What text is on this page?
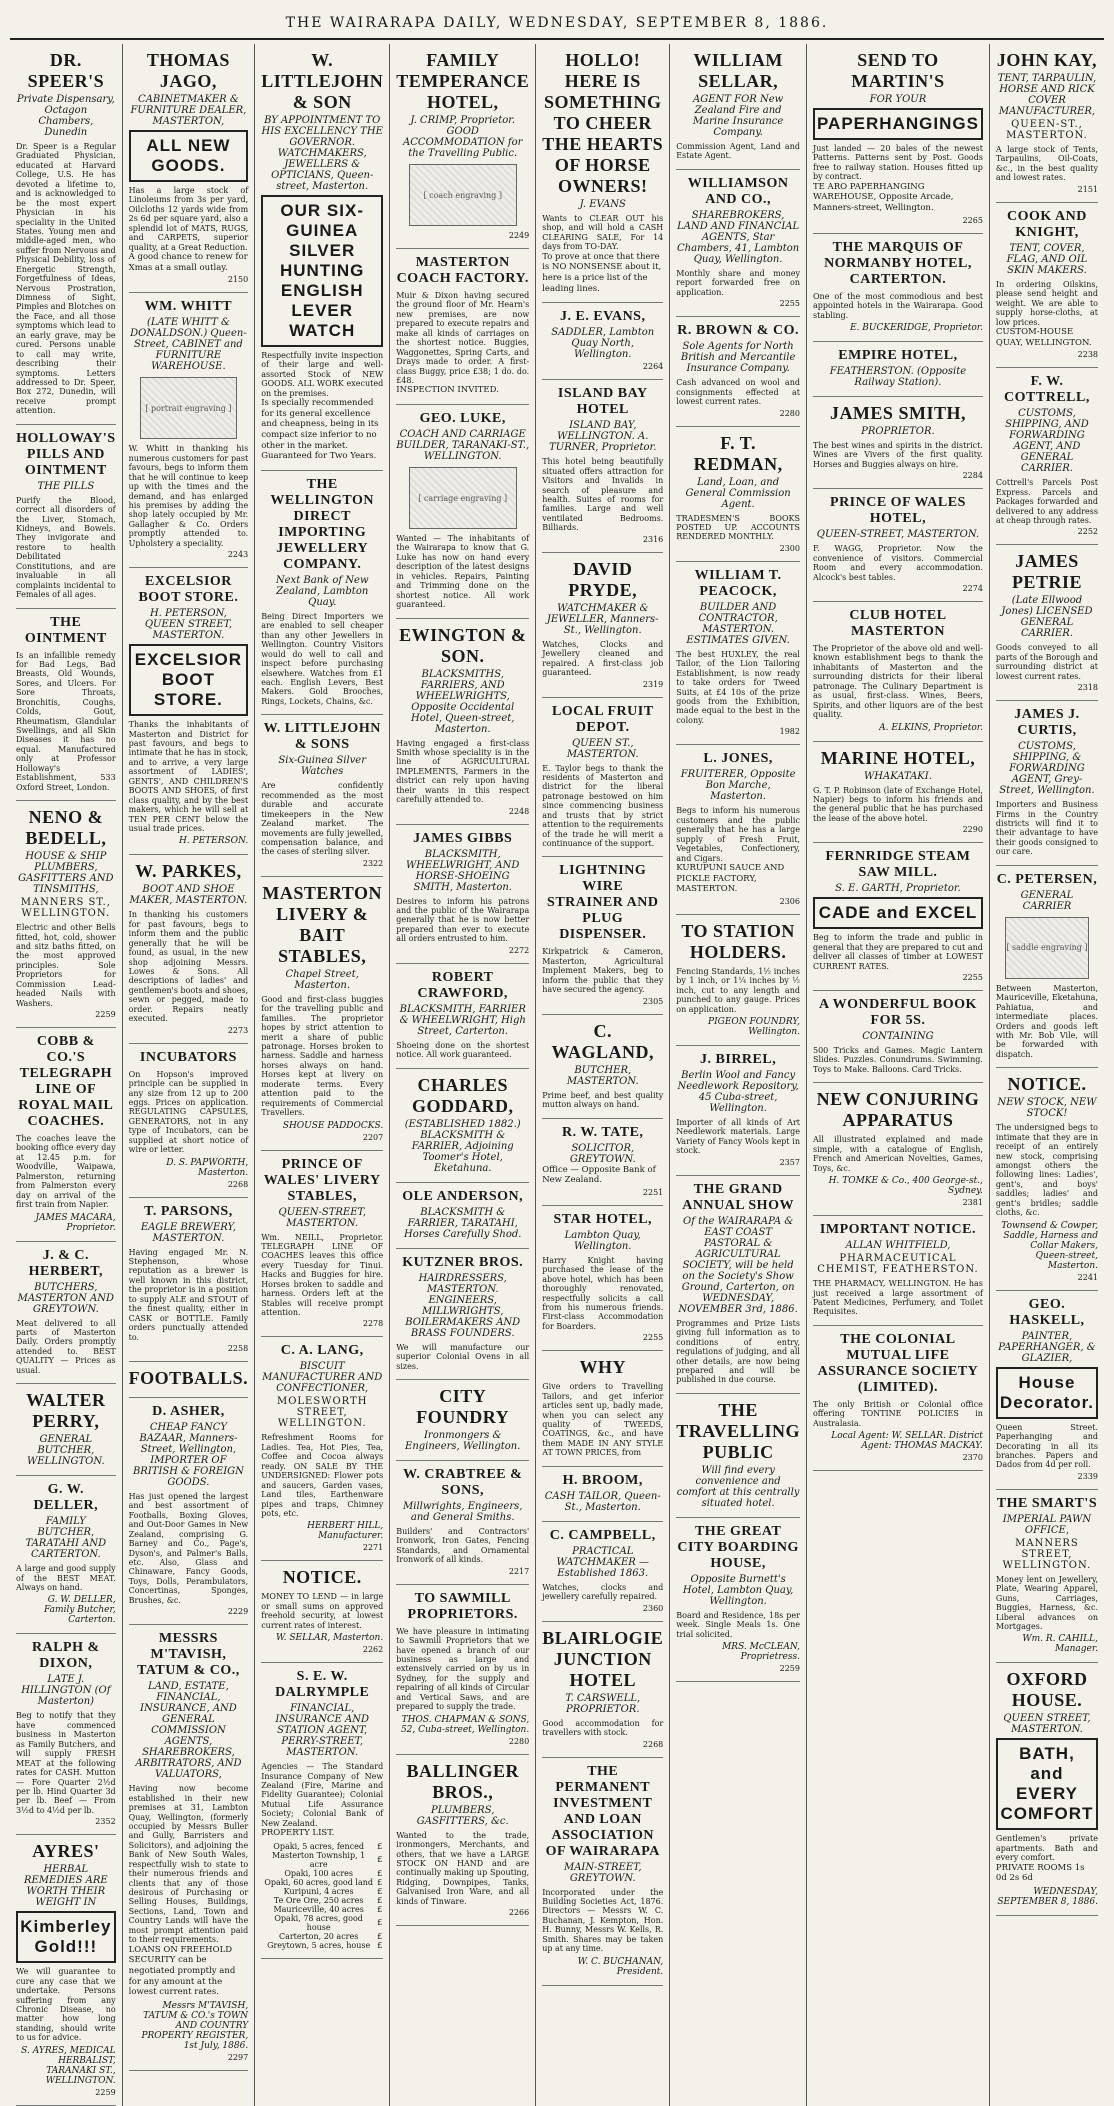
THE WAIRARAPA DAILY, WEDNESDAY, SEPTEMBER 8, 1886.
DR. SPEER'S
Private Dispensary, Octagon Chambers, Dunedin
Dr. Speer is a Regular Graduated Physician, educated at Harvard College, U.S. He has devoted a lifetime to, and is acknowledged to be the most expert Physician in his speciality in the United States. Young men and middle-aged men, who suffer from Nervous and Physical Debility, loss of Energetic Strength, Forgetfulness of Ideas, Nervous Prostration, Dimness of Sight, Pimples and Blotches on the Face, and all those symptoms which lead to an early grave, may be cured. Persons unable to call may write, describing their symptoms. Letters addressed to Dr. Speer, Box 272, Dunedin, will receive prompt attention.
HOLLOWAY'S PILLS AND OINTMENT
THE PILLS
Purify the Blood, correct all disorders of the Liver, Stomach, Kidneys, and Bowels. They invigorate and restore to health Debilitated Constitutions, and are invaluable in all complaints incidental to Females of all ages.
THE OINTMENT
Is an infallible remedy for Bad Legs, Bad Breasts, Old Wounds, Sores, and Ulcers. For Sore Throats, Bronchitis, Coughs, Colds, Gout, Rheumatism, Glandular Swellings, and all Skin Diseases it has no equal. Manufactured only at Professor Holloway's Establishment, 533 Oxford Street, London.
NENO & BEDELL,
HOUSE & SHIP PLUMBERS, GASFITTERS AND TINSMITHS,
MANNERS ST., WELLINGTON.
Electric and other Bells fitted, hot, cold, shower and sitz baths fitted, on the most approved principles. Sole Proprietors for Commission Lead-headed Nails with Washers.
2259
COBB & CO.'S TELEGRAPH LINE OF ROYAL MAIL COACHES.
The coaches leave the booking office every day at 12.45 p.m. for Woodville, Waipawa, Palmerston, returning from Palmerston every day on arrival of the first train from Napier.
JAMES MACARA, Proprietor.
J. & C. HERBERT,
BUTCHERS, MASTERTON AND GREYTOWN.
Meat delivered to all parts of Masterton Daily. Orders promptly attended to. BEST QUALITY — Prices as usual.
WALTER PERRY,
GENERAL BUTCHER, WELLINGTON.
G. W. DELLER,
FAMILY BUTCHER, TARATAHI AND CARTERTON.
A large and good supply of the BEST MEAT. Always on hand.
G. W. DELLER, Family Butcher, Carterton.
RALPH & DIXON,
LATE J. HILLINGTON (Of Masterton)
Beg to notify that they have commenced business in Masterton as Family Butchers, and will supply FRESH MEAT at the following rates for CASH. Mutton — Fore Quarter 2½d per lb. Hind Quarter 3d per lb. Beef — From 3½d to 4½d per lb.
2352
AYRES'
HERBAL REMEDIES ARE WORTH THEIR WEIGHT IN
Kimberley Gold!!!
We will guarantee to cure any case that we undertake. Persons suffering from any Chronic Disease, no matter how long standing, should write to us for advice.
S. AYRES, MEDICAL HERBALIST, TARANAKI ST., WELLINGTON.
2259
THOMAS JAGO,
CABINETMAKER & FURNITURE DEALER, MASTERTON,
ALL NEW GOODS.
Has a large stock of Linoleums from 3s per yard, Oilcloths 12 yards wide from 2s 6d per square yard, also a splendid lot of MATS, RUGS, and CARPETS, superior quality, at a Great Reduction.
A good chance to renew for Xmas at a small outlay.
2150
WM. WHITT
(LATE WHITT & DONALDSON.) Queen-Street, CABINET and FURNITURE WAREHOUSE.
[ portrait engraving ]
W. Whitt in thanking his numerous customers for past favours, begs to inform them that he will continue to keep up with the times and the demand, and has enlarged his premises by adding the shop lately occupied by Mr. Gallagher & Co. Orders promptly attended to. Upholstery a speciality.
2243
EXCELSIOR BOOT STORE.
H. PETERSON, QUEEN STREET, MASTERTON.
EXCELSIOR BOOT STORE.
Thanks the inhabitants of Masterton and District for past favours, and begs to intimate that he has in stock, and to arrive, a very large assortment of LADIES', GENTS', AND CHILDREN'S BOOTS AND SHOES, of first class quality, and by the best makers, which he will sell at TEN PER CENT below the usual trade prices.
H. PETERSON.
W. PARKES,
BOOT AND SHOE MAKER, MASTERTON.
In thanking his customers for past favours, begs to inform them and the public generally that he will be found, as usual, in the new shop adjoining Messrs. Lowes & Sons. All descriptions of ladies' and gentlemen's boots and shoes, sewn or pegged, made to order. Repairs neatly executed.
2273
INCUBATORS
On Hopson's improved principle can be supplied in any size from 12 up to 200 eggs. Prices on application. REGULATING CAPSULES, GENERATORS, not in any type of Incubators, can be supplied at short notice of wire or letter.
D. S. PAPWORTH, Masterton.
2268
T. PARSONS,
EAGLE BREWERY, MASTERTON.
Having engaged Mr. N. Stephenson, whose reputation as a brewer is well known in this district, the proprietor is in a position to supply ALE and STOUT of the finest quality, either in CASK or BOTTLE. Family orders punctually attended to.
2258
FOOTBALLS.
D. ASHER,
CHEAP FANCY BAZAAR, Manners-Street, Wellington, IMPORTER OF BRITISH & FOREIGN GOODS.
Has just opened the largest and best assortment of Footballs, Boxing Gloves, and Out-Door Games in New Zealand, comprising G. Barney and Co., Page's, Dyson's, and Palmer's Balls, etc. Also, Glass and Chinaware, Fancy Goods, Toys, Dolls, Perambulators, Concertinas, Sponges, Brushes, &c.
2229
MESSRS M'TAVISH, TATUM & CO.,
LAND, ESTATE, FINANCIAL, INSURANCE, AND GENERAL COMMISSION AGENTS, SHAREBROKERS, ARBITRATORS, AND VALUATORS,
Having now become established in their new premises at 31, Lambton Quay, Wellington, (formerly occupied by Messrs Buller and Gully, Barristers and Solicitors), and adjoining the Bank of New South Wales, respectfully wish to state to their numerous friends and clients that any of those desirous of Purchasing or Selling Houses, Buildings, Sections, Land, Town and Country Lands will have the most prompt attention paid to their requirements.
LOANS ON FREEHOLD SECURITY can be negotiated promptly and for any amount at the lowest current rates.
Messrs M'TAVISH, TATUM & CO.'s TOWN AND COUNTRY PROPERTY REGISTER, 1st July, 1886.
2297
W. LITTLEJOHN & SON
BY APPOINTMENT TO HIS EXCELLENCY THE GOVERNOR. WATCHMAKERS, JEWELLERS & OPTICIANS, Queen-street, Masterton.
OUR SIX-GUINEA SILVER HUNTING ENGLISH LEVER WATCH
Respectfully invite inspection of their large and well-assorted Stock of NEW GOODS. ALL WORK executed on the premises.
Is specially recommended for its general excellence and cheapness, being in its compact size inferior to no other in the market. Guaranteed for Two Years.
THE WELLINGTON DIRECT IMPORTING JEWELLERY COMPANY.
Next Bank of New Zealand, Lambton Quay.
Being Direct Importers we are enabled to sell cheaper than any other Jewellers in Wellington. Country Visitors would do well to call and inspect before purchasing elsewhere. Watches from £1 each. English Levers, Best Makers. Gold Brooches, Rings, Lockets, Chains, &c.
W. LITTLEJOHN & SONS
Six-Guinea Silver Watches
Are confidently recommended as the most durable and accurate timekeepers in the New Zealand market. The movements are fully jewelled, compensation balance, and the cases of sterling silver.
2322
MASTERTON LIVERY & BAIT STABLES,
Chapel Street, Masterton.
Good and first-class buggies for the travelling public and families. The proprietor hopes by strict attention to merit a share of public patronage. Horses broken to harness. Saddle and harness horses always on hand. Horses kept at livery on moderate terms. Every attention paid to the requirements of Commercial Travellers.
SHOUSE PADDOCKS.
2207
PRINCE OF WALES' LIVERY STABLES,
QUEEN-STREET, MASTERTON.
Wm. NEILL, Proprietor. TELEGRAPH LINE OF COACHES leaves this office every Tuesday for Tinui. Hacks and Buggies for hire. Horses broken to saddle and harness. Orders left at the Stables will receive prompt attention.
2278
C. A. LANG,
BISCUIT MANUFACTURER AND CONFECTIONER,
MOLESWORTH STREET, WELLINGTON.
Refreshment Rooms for Ladies. Tea, Hot Pies, Tea, Coffee and Cocoa always ready. ON SALE BY THE UNDERSIGNED: Flower pots and saucers, Garden vases, Land tiles, Earthenware pipes and traps, Chimney pots, etc.
HERBERT HILL, Manufacturer.
2271
NOTICE.
MONEY TO LEND — in large or small sums on approved freehold security, at lowest current rates of interest.
W. SELLAR, Masterton.
2262
S. E. W. DALRYMPLE
FINANCIAL, INSURANCE AND STATION AGENT, PERRY-STREET, MASTERTON.
Agencies — The Standard Insurance Company of New Zealand (Fire, Marine and Fidelity Guarantee); Colonial Mutual Life Assurance Society; Colonial Bank of New Zealand.
PROPERTY LIST.
Opaki, 5 acres, fenced	£
Masterton Township, 1 acre	£
Opaki, 100 acres	£
Opaki, 60 acres, good land	£
Kuripuni, 4 acres	£
Te Ore Ore, 250 acres	£
Mauriceville, 40 acres	£
Opaki, 78 acres, good house	£
Carterton, 20 acres	£
Greytown, 5 acres, house	£
FAMILY TEMPERANCE HOTEL,
J. CRIMP, Proprietor. GOOD ACCOMMODATION for the Travelling Public.
[ coach engraving ]
2249
MASTERTON COACH FACTORY.
Muir & Dixon having secured the ground floor of Mr. Hearn's new premises, are now prepared to execute repairs and make all kinds of carriages on the shortest notice. Buggies, Waggonettes, Spring Carts, and Drays made to order. A first-class Buggy, price £38; 1 do. do. £48.
INSPECTION INVITED.
GEO. LUKE,
COACH AND CARRIAGE BUILDER, TARANAKI-ST., WELLINGTON.
[ carriage engraving ]
Wanted — The inhabitants of the Wairarapa to know that G. Luke has now on hand every description of the latest designs in vehicles. Repairs, Painting and Trimming done on the shortest notice. All work guaranteed.
EWINGTON & SON.
BLACKSMITHS, FARRIERS, AND WHEELWRIGHTS, Opposite Occidental Hotel, Queen-street, Masterton.
Having engaged a first-class Smith whose speciality is in the line of AGRICULTURAL IMPLEMENTS, Farmers in the district can rely upon having their wants in this respect carefully attended to.
2248
JAMES GIBBS
BLACKSMITH, WHEELWRIGHT, AND HORSE-SHOEING SMITH, Masterton.
Desires to inform his patrons and the public of the Wairarapa generally that he is now better prepared than ever to execute all orders entrusted to him.
2272
ROBERT CRAWFORD,
BLACKSMITH, FARRIER & WHEELWRIGHT, High Street, Carterton.
Shoeing done on the shortest notice. All work guaranteed.
CHARLES GODDARD,
(ESTABLISHED 1882.) BLACKSMITH & FARRIER, Adjoining Toomer's Hotel, Eketahuna.
OLE ANDERSON,
BLACKSMITH & FARRIER, TARATAHI, Horses Carefully Shod.
KUTZNER BROS.
HAIRDRESSERS, MASTERTON. ENGINEERS, MILLWRIGHTS, BOILERMAKERS AND BRASS FOUNDERS.
We will manufacture our superior Colonial Ovens in all sizes.
CITY FOUNDRY
Ironmongers & Engineers, Wellington.
W. CRABTREE & SONS,
Millwrights, Engineers, and General Smiths.
Builders' and Contractors' Ironwork, Iron Gates, Fencing Standards, and Ornamental Ironwork of all kinds.
2217
TO SAWMILL PROPRIETORS.
We have pleasure in intimating to Sawmill Proprietors that we have opened a branch of our business as large and extensively carried on by us in Sydney, for the supply and repairing of all kinds of Circular and Vertical Saws, and are prepared to supply the trade.
THOS. CHAPMAN & SONS, 52, Cuba-street, Wellington.
2280
BALLINGER BROS.,
PLUMBERS, GASFITTERS, &c.
Wanted to the trade, ironmongers, Merchants, and others, that we have a LARGE STOCK ON HAND and are continually making up Spouting, Ridging, Downpipes, Tanks, Galvanised Iron Ware, and all kinds of Tinware.
2266
HOLLO! HERE IS SOMETHING TO CHEER THE HEARTS OF HORSE OWNERS!
J. EVANS
Wants to CLEAR OUT his shop, and will hold a CASH CLEARING SALE, For 14 days from TO-DAY.
To prove at once that there is NO NONSENSE about it, here is a price list of the leading lines.
J. E. EVANS,
SADDLER, Lambton Quay North, Wellington.
2264
ISLAND BAY HOTEL
ISLAND BAY, WELLINGTON. A. TURNER, Proprietor.
This hotel being beautifully situated offers attraction for Visitors and Invalids in search of pleasure and health. Suites of rooms for families. Large and well ventilated Bedrooms. Billiards.
2316
DAVID PRYDE,
WATCHMAKER & JEWELLER, Manners-St., Wellington.
Watches, Clocks and Jewellery cleaned and repaired. A first-class job guaranteed.
2319
LOCAL FRUIT DEPOT.
QUEEN ST., MASTERTON.
E. Taylor begs to thank the residents of Masterton and district for the liberal patronage bestowed on him since commencing business and trusts that by strict attention to the requirements of the trade he will merit a continuance of the support.
LIGHTNING WIRE STRAINER AND PLUG DISPENSER.
Kirkpatrick & Cameron, Masterton, Agricultural Implement Makers, beg to inform the public that they have secured the agency.
2305
C. WAGLAND,
BUTCHER, MASTERTON.
Prime beef, and best quality mutton always on hand.
R. W. TATE,
SOLICITOR, GREYTOWN.
Office — Opposite Bank of New Zealand.
2251
STAR HOTEL,
Lambton Quay, Wellington.
Harry Knight having purchased the lease of the above hotel, which has been thoroughly renovated, respectfully solicits a call from his numerous friends. First-class Accommodation for Boarders.
2255
WHY
Give orders to Travelling Tailors, and get inferior articles sent up, badly made, when you can select any quality of TWEEDS, COATINGS, &c., and have them MADE IN ANY STYLE AT TOWN PRICES, from
H. BROOM,
CASH TAILOR, Queen-St., Masterton.
C. CAMPBELL,
PRACTICAL WATCHMAKER — Established 1863.
Watches, clocks and jewellery carefully repaired.
2360
BLAIRLOGIE JUNCTION HOTEL
T. CARSWELL, PROPRIETOR.
Good accommodation for travellers with stock.
2268
THE PERMANENT INVESTMENT AND LOAN ASSOCIATION OF WAIRARAPA
MAIN-STREET, GREYTOWN.
Incorporated under the Building Societies Act, 1876. Directors — Messrs W. C. Buchanan, J. Kempton, Hon. H. Bunny, Messrs W. Kells, R. Smith. Shares may be taken up at any time.
W. C. BUCHANAN, President.
WILLIAM SELLAR,
AGENT FOR New Zealand Fire and Marine Insurance Company.
Commission Agent, Land and Estate Agent.
WILLIAMSON AND CO.,
SHAREBROKERS, LAND AND FINANCIAL AGENTS, Star Chambers, 41, Lambton Quay, Wellington.
Monthly share and money report forwarded free on application.
2255
R. BROWN & CO.
Sole Agents for North British and Mercantile Insurance Company.
Cash advanced on wool and consignments effected at lowest current rates.
2280
F. T. REDMAN,
Land, Loan, and General Commission Agent.
TRADESMEN'S BOOKS POSTED UP. ACCOUNTS RENDERED MONTHLY.
2300
WILLIAM T. PEACOCK,
BUILDER AND CONTRACTOR, MASTERTON. ESTIMATES GIVEN.
The best HUXLEY, the real Tailor, of the Lion Tailoring Establishment, is now ready to take orders for Tweed Suits, at £4 10s of the prize goods from the Exhibition, made equal to the best in the colony.
1982
L. JONES,
FRUITERER, Opposite Bon Marche, Masterton.
Begs to inform his numerous customers and the public generally that he has a large supply of Fresh Fruit, Vegetables, Confectionery, and Cigars.
KURUPUNI SAUCE AND PICKLE FACTORY, MASTERTON.
2306
TO STATION HOLDERS.
Fencing Standards, 1½ inches by 1 inch, or 1¼ inches by ½ inch, cut to any length and punched to any gauge. Prices on application.
PIGEON FOUNDRY, Wellington.
J. BIRREL,
Berlin Wool and Fancy Needlework Repository, 45 Cuba-street, Wellington.
Importer of all kinds of Art Needlework materials. Large Variety of Fancy Wools kept in stock.
2357
THE GRAND ANNUAL SHOW
Of the WAIRARAPA & EAST COAST PASTORAL & AGRICULTURAL SOCIETY, will be held on the Society's Show Ground, Carterton, on WEDNESDAY, NOVEMBER 3rd, 1886.
Programmes and Prize Lists giving full information as to conditions of entry, regulations of judging, and all other details, are now being prepared and will be published in due course.
THE TRAVELLING PUBLIC
Will find every convenience and comfort at this centrally situated hotel.
THE GREAT CITY BOARDING HOUSE,
Opposite Burnett's Hotel, Lambton Quay, Wellington.
Board and Residence, 18s per week. Single Meals 1s. One trial solicited.
MRS. McCLEAN, Proprietress.
2259
SEND TO MARTIN'S
FOR YOUR
PAPERHANGINGS
Just landed — 20 bales of the newest Patterns. Patterns sent by Post. Goods free to railway station. Houses fitted up by contract.
TE ARO PAPERHANGING WAREHOUSE, Opposite Arcade, Manners-street, Wellington.
2265
THE MARQUIS OF NORMANBY HOTEL, CARTERTON.
One of the most commodious and best appointed hotels in the Wairarapa. Good stabling.
E. BUCKERIDGE, Proprietor.
EMPIRE HOTEL,
FEATHERSTON. (Opposite Railway Station).
JAMES SMITH,
PROPRIETOR.
The best wines and spirits in the district. Wines are Vivers of the first quality. Horses and Buggies always on hire.
2284
PRINCE OF WALES HOTEL,
QUEEN-STREET, MASTERTON.
F. WAGG, Proprietor. Now the convenience of visitors. Commercial Room and every accommodation. Alcock's best tables.
2274
CLUB HOTEL MASTERTON
The Proprietor of the above old and well-known establishment begs to thank the inhabitants of Masterton and the surrounding districts for their liberal patronage. The Culinary Department is as usual, first-class. Wines, Beers, Spirits, and other liquors are of the best quality.
A. ELKINS, Proprietor.
MARINE HOTEL,
WHAKATAKI.
G. T. P. Robinson (late of Exchange Hotel, Napier) begs to inform his friends and the general public that he has purchased the lease of the above hotel.
2290
FERNRIDGE STEAM SAW MILL.
S. E. GARTH, Proprietor.
CADE and EXCEL
Beg to inform the trade and public in general that they are prepared to cut and deliver all classes of timber at LOWEST CURRENT RATES.
2255
A WONDERFUL BOOK FOR 5S.
CONTAINING
500 Tricks and Games. Magic Lantern Slides. Puzzles. Conundrums. Swimming. Toys to Make. Balloons. Card Tricks.
NEW CONJURING APPARATUS
All illustrated explained and made simple, with a catalogue of English, French and American Novelties, Games, Toys, &c.
H. TOMKE & Co., 400 George-st., Sydney.
2381
IMPORTANT NOTICE.
ALLAN WHITFIELD,
PHARMACEUTICAL CHEMIST, FEATHERSTON.
THE PHARMACY, WELLINGTON. He has just received a large assortment of Patent Medicines, Perfumery, and Toilet Requisites.
THE COLONIAL MUTUAL LIFE ASSURANCE SOCIETY (LIMITED).
The only British or Colonial office offering TONTINE POLICIES in Australasia.
Local Agent: W. SELLAR. District Agent: THOMAS MACKAY.
2370
JOHN KAY,
TENT, TARPAULIN, HORSE AND RICK COVER MANUFACTURER,
QUEEN-ST., MASTERTON.
A large stock of Tents, Tarpaulins, Oil-Coats, &c., in the best quality and lowest rates.
2151
COOK AND KNIGHT,
TENT, COVER, FLAG, AND OIL SKIN MAKERS.
In ordering Oilskins, please send height and weight. We are able to supply horse-cloths, at low prices.
CUSTOM-HOUSE QUAY, WELLINGTON.
2238
F. W. COTTRELL,
CUSTOMS, SHIPPING, AND FORWARDING AGENT, AND GENERAL CARRIER.
Cottrell's Parcels Post Express. Parcels and Packages forwarded and delivered to any address at cheap through rates.
2252
JAMES PETRIE
(Late Ellwood Jones) LICENSED GENERAL CARRIER.
Goods conveyed to all parts of the Borough and surrounding district at lowest current rates.
2318
JAMES J. CURTIS,
CUSTOMS, SHIPPING, & FORWARDING AGENT, Grey-Street, Wellington.
Importers and Business Firms in the Country districts will find it to their advantage to have their goods consigned to our care.
C. PETERSEN,
GENERAL CARRIER
[ saddle engraving ]
Between Masterton, Mauriceville, Eketahuna, Pahiatua, and intermediate places. Orders and goods left with Mr. Bob Vile, will be forwarded with dispatch.
NOTICE.
NEW STOCK, NEW STOCK!
The undersigned begs to intimate that they are in receipt of an entirely new stock, comprising amongst others the following lines: Ladies', gent's, and boys' saddles; ladies' and gent's bridles; saddle cloths, &c.
Townsend & Cowper, Saddle, Harness and Collar Makers, Queen-street, Masterton.
2241
GEO. HASKELL,
PAINTER, PAPERHANGER, & GLAZIER,
House Decorator.
Queen Street. Paperhanging and Decorating in all its branches. Papers and Dados from 4d per roll.
2339
THE SMART'S
IMPERIAL PAWN OFFICE,
MANNERS STREET, WELLINGTON.
Money lent on Jewellery, Plate, Wearing Apparel, Guns, Carriages, Buggies, Harness, &c. Liberal advances on Mortgages.
Wm. R. CAHILL, Manager.
OXFORD HOUSE.
QUEEN STREET, MASTERTON.
BATH, and EVERY COMFORT
Gentlemen's private apartments. Bath and every comfort.
PRIVATE ROOMS 1s 0d 2s 6d
WEDNESDAY, SEPTEMBER 8, 1886.
